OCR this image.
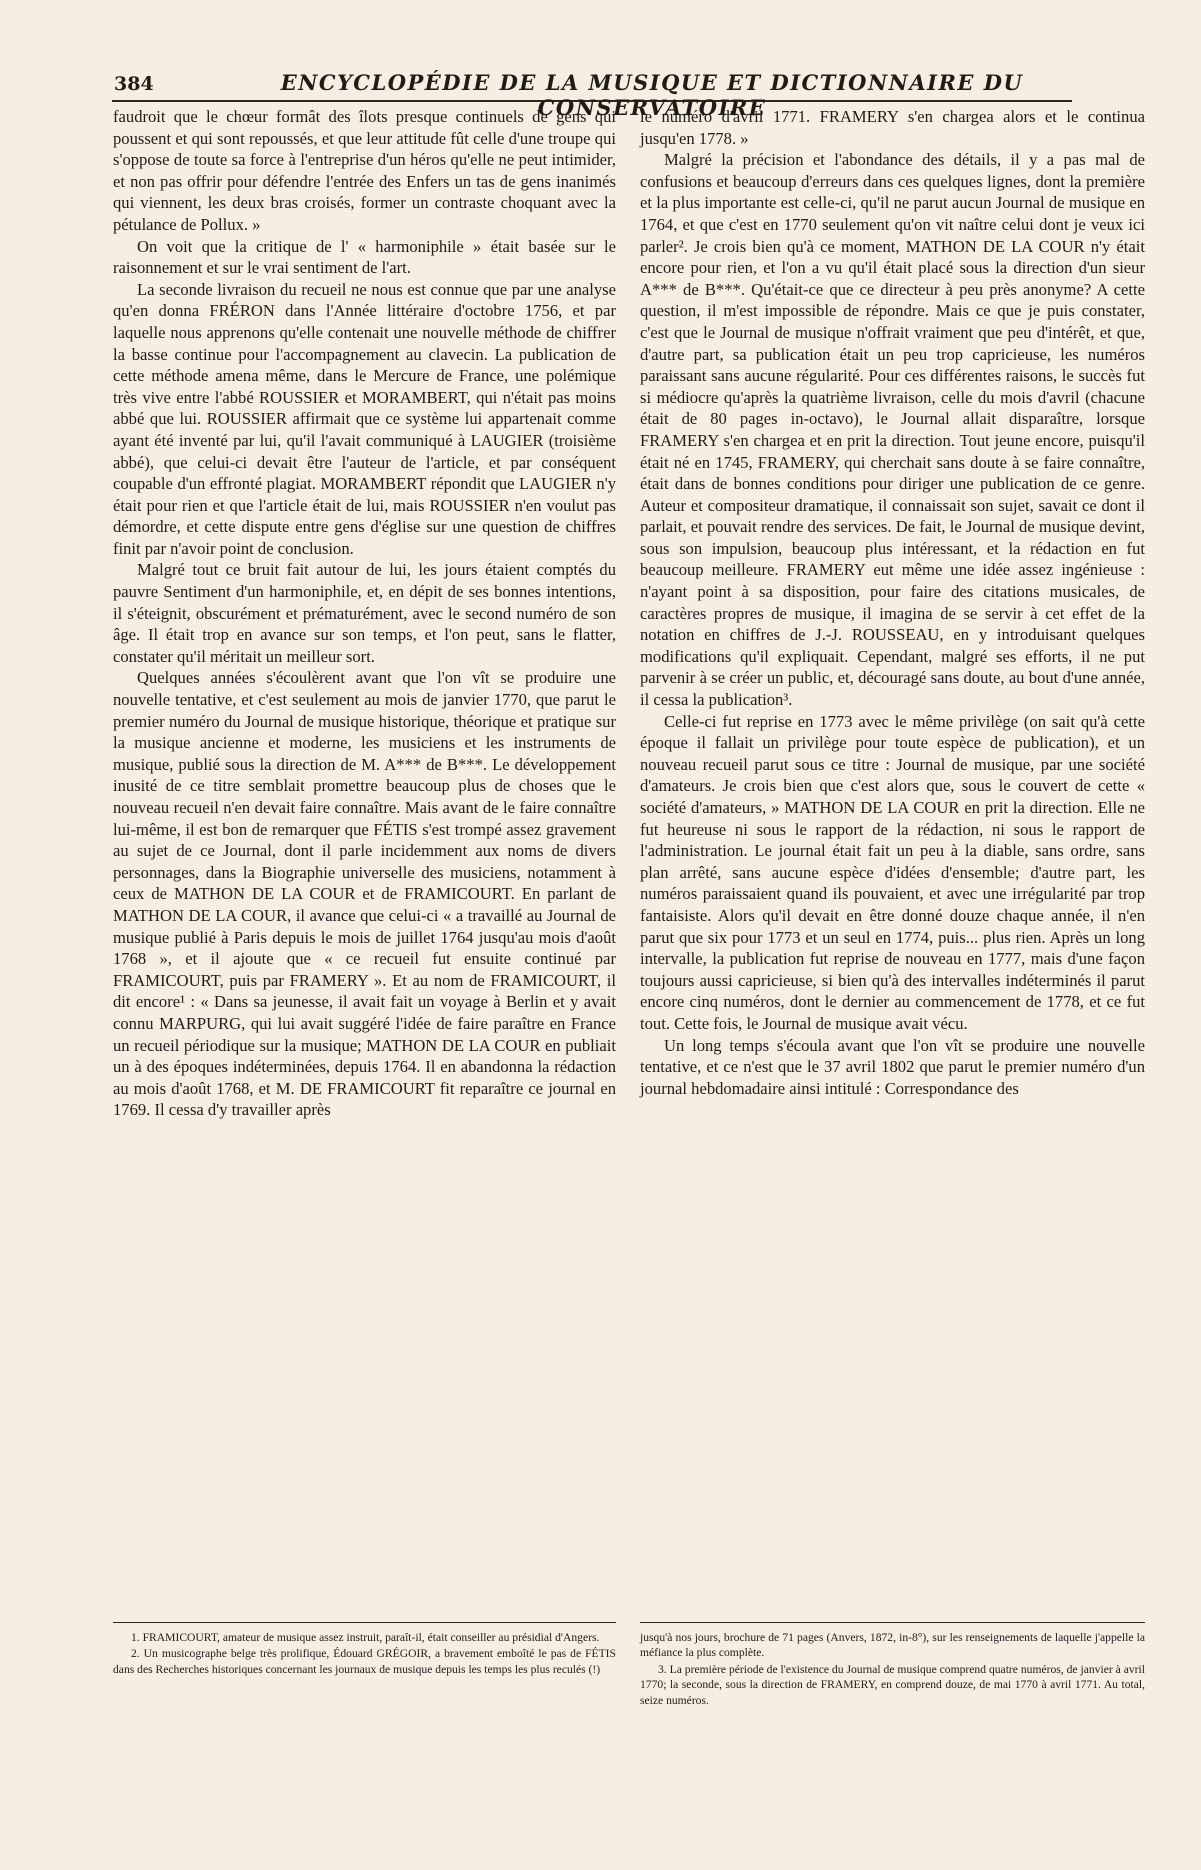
384	ENCYCLOPÉDIE DE LA MUSIQUE ET DICTIONNAIRE DU CONSERVATOIRE

faudroit que le chœur formât des îlots presque continuels de gens qui poussent et qui sont repoussés, et que leur attitude fût celle d'une troupe qui s'oppose de toute sa force à l'entreprise d'un héros qu'elle ne peut intimider, et non pas offrir pour défendre l'entrée des Enfers un tas de gens inanimés qui viennent, les deux bras croisés, former un contraste choquant avec la pétulance de Pollux. »

On voit que la critique de l' « harmoniphile » était basée sur le raisonnement et sur le vrai sentiment de l'art.

La seconde livraison du recueil ne nous est connue que par une analyse qu'en donna FRÉRON dans l'Année littéraire d'octobre 1756, et par laquelle nous apprenons qu'elle contenait une nouvelle méthode de chiffrer la basse continue pour l'accompagnement au clavecin. La publication de cette méthode amena même, dans le Mercure de France, une polémique très vive entre l'abbé ROUSSIER et MORAMBERT, qui n'était pas moins abbé que lui. ROUSSIER affirmait que ce système lui appartenait comme ayant été inventé par lui, qu'il l'avait communiqué à LAUGIER (troisième abbé), que celui-ci devait être l'auteur de l'article, et par conséquent coupable d'un effronté plagiat. MORAMBERT répondit que LAUGIER n'y était pour rien et que l'article était de lui, mais ROUSSIER n'en voulut pas démordre, et cette dispute entre gens d'église sur une question de chiffres finit par n'avoir point de conclusion.

Malgré tout ce bruit fait autour de lui, les jours étaient comptés du pauvre Sentiment d'un harmoniphile, et, en dépit de ses bonnes intentions, il s'éteignit, obscurément et prématurément, avec le second numéro de son âge. Il était trop en avance sur son temps, et l'on peut, sans le flatter, constater qu'il méritait un meilleur sort.

Quelques années s'écoulèrent avant que l'on vît se produire une nouvelle tentative, et c'est seulement au mois de janvier 1770, que parut le premier numéro du Journal de musique historique, théorique et pratique sur la musique ancienne et moderne, les musiciens et les instruments de musique, publié sous la direction de M. A*** de B***. Le développement inusité de ce titre semblait promettre beaucoup plus de choses que le nouveau recueil n'en devait faire connaître. Mais avant de le faire connaître lui-même, il est bon de remarquer que FÉTIS s'est trompé assez gravement au sujet de ce Journal, dont il parle incidemment aux noms de divers personnages, dans la Biographie universelle des musiciens, notamment à ceux de MATHON DE LA COUR et de FRAMICOURT. En parlant de MATHON DE LA COUR, il avance que celui-ci « a travaillé au Journal de musique publié à Paris depuis le mois de juillet 1764 jusqu'au mois d'août 1768 », et il ajoute que « ce recueil fut ensuite continué par FRAMICOURT, puis par FRAMERY ». Et au nom de FRAMICOURT, il dit encore¹ : « Dans sa jeunesse, il avait fait un voyage à Berlin et y avait connu MARPURG, qui lui avait suggéré l'idée de faire paraître en France un recueil périodique sur la musique; MATHON DE LA COUR en publiait un à des époques indéterminées, depuis 1764. Il en abandonna la rédaction au mois d'août 1768, et M. DE FRAMICOURT fit reparaître ce journal en 1769. Il cessa d'y travailler après

le numéro d'avril 1771. FRAMERY s'en chargea alors et le continua jusqu'en 1778. »

Malgré la précision et l'abondance des détails, il y a pas mal de confusions et beaucoup d'erreurs dans ces quelques lignes, dont la première et la plus importante est celle-ci, qu'il ne parut aucun Journal de musique en 1764, et que c'est en 1770 seulement qu'on vit naître celui dont je veux ici parler². Je crois bien qu'à ce moment, MATHON DE LA COUR n'y était encore pour rien, et l'on a vu qu'il était placé sous la direction d'un sieur A*** de B***. Qu'était-ce que ce directeur à peu près anonyme? A cette question, il m'est impossible de répondre. Mais ce que je puis constater, c'est que le Journal de musique n'offrait vraiment que peu d'intérêt, et que, d'autre part, sa publication était un peu trop capricieuse, les numéros paraissant sans aucune régularité. Pour ces différentes raisons, le succès fut si médiocre qu'après la quatrième livraison, celle du mois d'avril (chacune était de 80 pages in-octavo), le Journal allait disparaître, lorsque FRAMERY s'en chargea et en prit la direction. Tout jeune encore, puisqu'il était né en 1745, FRAMERY, qui cherchait sans doute à se faire connaître, était dans de bonnes conditions pour diriger une publication de ce genre. Auteur et compositeur dramatique, il connaissait son sujet, savait ce dont il parlait, et pouvait rendre des services. De fait, le Journal de musique devint, sous son impulsion, beaucoup plus intéressant, et la rédaction en fut beaucoup meilleure. FRAMERY eut même une idée assez ingénieuse : n'ayant point à sa disposition, pour faire des citations musicales, de caractères propres de musique, il imagina de se servir à cet effet de la notation en chiffres de J.-J. ROUSSEAU, en y introduisant quelques modifications qu'il expliquait. Cependant, malgré ses efforts, il ne put parvenir à se créer un public, et, découragé sans doute, au bout d'une année, il cessa la publication³.

Celle-ci fut reprise en 1773 avec le même privilège (on sait qu'à cette époque il fallait un privilège pour toute espèce de publication), et un nouveau recueil parut sous ce titre : Journal de musique, par une société d'amateurs. Je crois bien que c'est alors que, sous le couvert de cette « société d'amateurs, » MATHON DE LA COUR en prit la direction. Elle ne fut heureuse ni sous le rapport de la rédaction, ni sous le rapport de l'administration. Le journal était fait un peu à la diable, sans ordre, sans plan arrêté, sans aucune espèce d'idées d'ensemble; d'autre part, les numéros paraissaient quand ils pouvaient, et avec une irrégularité par trop fantaisiste. Alors qu'il devait en être donné douze chaque année, il n'en parut que six pour 1773 et un seul en 1774, puis... plus rien. Après un long intervalle, la publication fut reprise de nouveau en 1777, mais d'une façon toujours aussi capricieuse, si bien qu'à des intervalles indéterminés il parut encore cinq numéros, dont le dernier au commencement de 1778, et ce fut tout. Cette fois, le Journal de musique avait vécu.

Un long temps s'écoula avant que l'on vît se produire une nouvelle tentative, et ce n'est que le 37 avril 1802 que parut le premier numéro d'un journal hebdomadaire ainsi intitulé : Correspondance des

1. FRAMICOURT, amateur de musique assez instruit, paraît-il, était conseiller au présidial d'Angers.

2. Un musicographe belge très prolifique, Édouard GRÉGOIR, a bravement emboîté le pas de FÉTIS dans des Recherches historiques concernant les journaux de musique depuis les temps les plus reculés (!)

jusqu'à nos jours, brochure de 71 pages (Anvers, 1872, in-8°), sur les renseignements de laquelle j'appelle la méfiance la plus complète.

3. La première période de l'existence du Journal de musique comprend quatre numéros, de janvier à avril 1770; la seconde, sous la direction de FRAMERY, en comprend douze, de mai 1770 à avril 1771. Au total, seize numéros.
